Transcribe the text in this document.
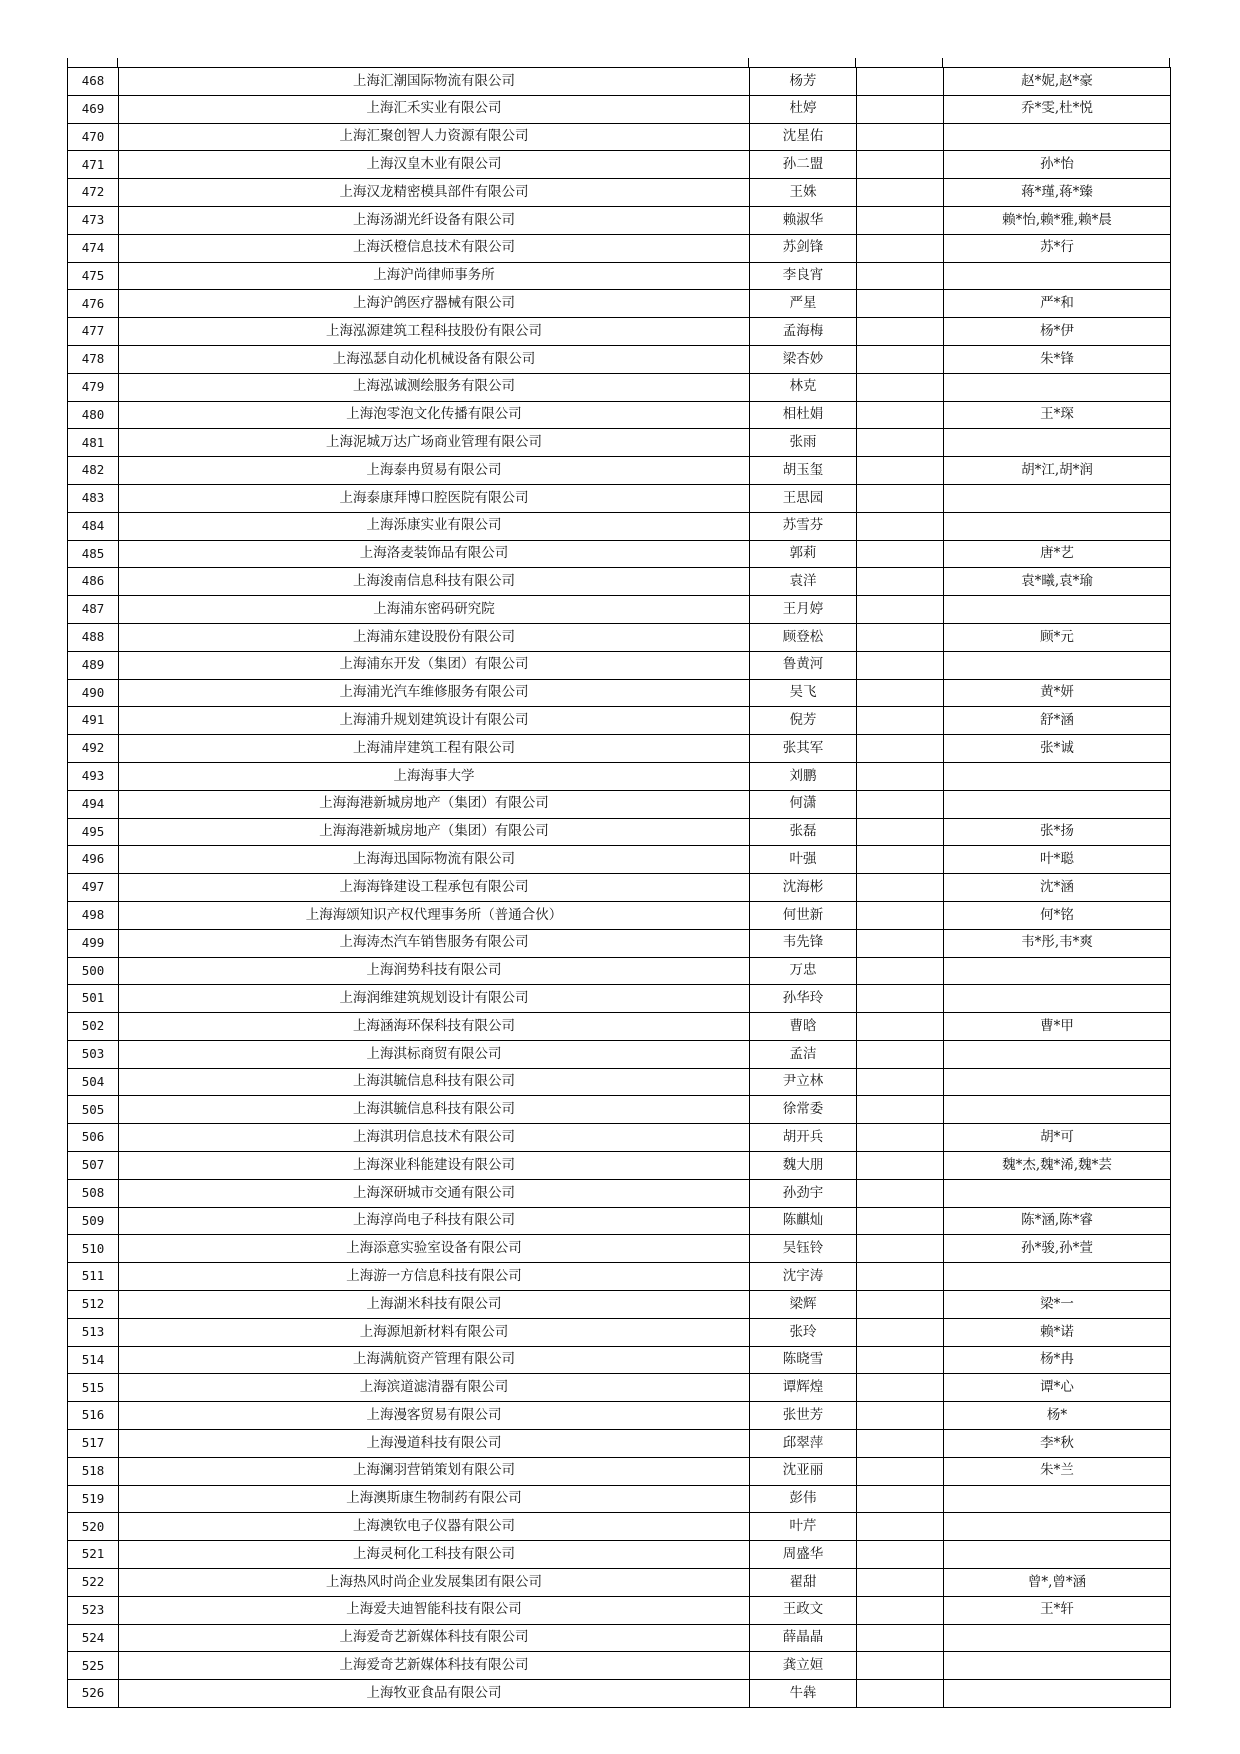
468	上海汇潮国际物流有限公司	杨芳		赵*妮,赵*豪
469	上海汇禾实业有限公司	杜婷		乔*雯,杜*悦
470	上海汇聚创智人力资源有限公司	沈星佑		
471	上海汉皇木业有限公司	孙二盟		孙*怡
472	上海汉龙精密模具部件有限公司	王姝		蒋*瑾,蒋*臻
473	上海汤湖光纤设备有限公司	赖淑华		赖*怡,赖*雅,赖*晨
474	上海沃橙信息技术有限公司	苏剑锋		苏*行
475	上海沪尚律师事务所	李良宵		
476	上海沪鸽医疗器械有限公司	严星		严*和
477	上海泓源建筑工程科技股份有限公司	孟海梅		杨*伊
478	上海泓瑟自动化机械设备有限公司	梁杏妙		朱*锋
479	上海泓诚测绘服务有限公司	林克		
480	上海泡零泡文化传播有限公司	相杜娟		王*琛
481	上海泥城万达广场商业管理有限公司	张雨		
482	上海泰冉贸易有限公司	胡玉玺		胡*江,胡*润
483	上海泰康拜博口腔医院有限公司	王思园		
484	上海泺康实业有限公司	苏雪芬		
485	上海洛麦装饰品有限公司	郭莉		唐*艺
486	上海浚南信息科技有限公司	袁洋		袁*曦,袁*瑜
487	上海浦东密码研究院	王月婷		
488	上海浦东建设股份有限公司	顾登松		顾*元
489	上海浦东开发（集团）有限公司	鲁黄河		
490	上海浦光汽车维修服务有限公司	吴飞		黄*妍
491	上海浦升规划建筑设计有限公司	倪芳		舒*涵
492	上海浦岸建筑工程有限公司	张其军		张*诚
493	上海海事大学	刘鹏		
494	上海海港新城房地产（集团）有限公司	何潇		
495	上海海港新城房地产（集团）有限公司	张磊		张*扬
496	上海海迅国际物流有限公司	叶强		叶*聪
497	上海海锋建设工程承包有限公司	沈海彬		沈*涵
498	上海海颂知识产权代理事务所（普通合伙）	何世新		何*铭
499	上海涛杰汽车销售服务有限公司	韦先锋		韦*彤,韦*爽
500	上海润势科技有限公司	万忠		
501	上海润维建筑规划设计有限公司	孙华玲		
502	上海涵海环保科技有限公司	曹晗		曹*甲
503	上海淇标商贸有限公司	孟洁		
504	上海淇毓信息科技有限公司	尹立林		
505	上海淇毓信息科技有限公司	徐常委		
506	上海淇玥信息技术有限公司	胡开兵		胡*可
507	上海深业科能建设有限公司	魏大朋		魏*杰,魏*浠,魏*芸
508	上海深研城市交通有限公司	孙劲宇		
509	上海淳尚电子科技有限公司	陈麒灿		陈*涵,陈*睿
510	上海添意实验室设备有限公司	吴钰铃		孙*骏,孙*萱
511	上海游一方信息科技有限公司	沈宇涛		
512	上海湖米科技有限公司	梁辉		梁*一
513	上海源旭新材料有限公司	张玲		赖*诺
514	上海满航资产管理有限公司	陈晓雪		杨*冉
515	上海滨道滤清器有限公司	谭辉煌		谭*心
516	上海漫客贸易有限公司	张世芳		杨*
517	上海漫道科技有限公司	邱翠萍		李*秋
518	上海澜羽营销策划有限公司	沈亚丽		朱*兰
519	上海澳斯康生物制药有限公司	彭伟		
520	上海澳钦电子仪器有限公司	叶芹		
521	上海灵柯化工科技有限公司	周盛华		
522	上海热风时尚企业发展集团有限公司	翟甜		曾*,曾*涵
523	上海爱夫迪智能科技有限公司	王政文		王*轩
524	上海爱奇艺新媒体科技有限公司	薛晶晶		
525	上海爱奇艺新媒体科技有限公司	龚立姮		
526	上海牧亚食品有限公司	牛犇		
